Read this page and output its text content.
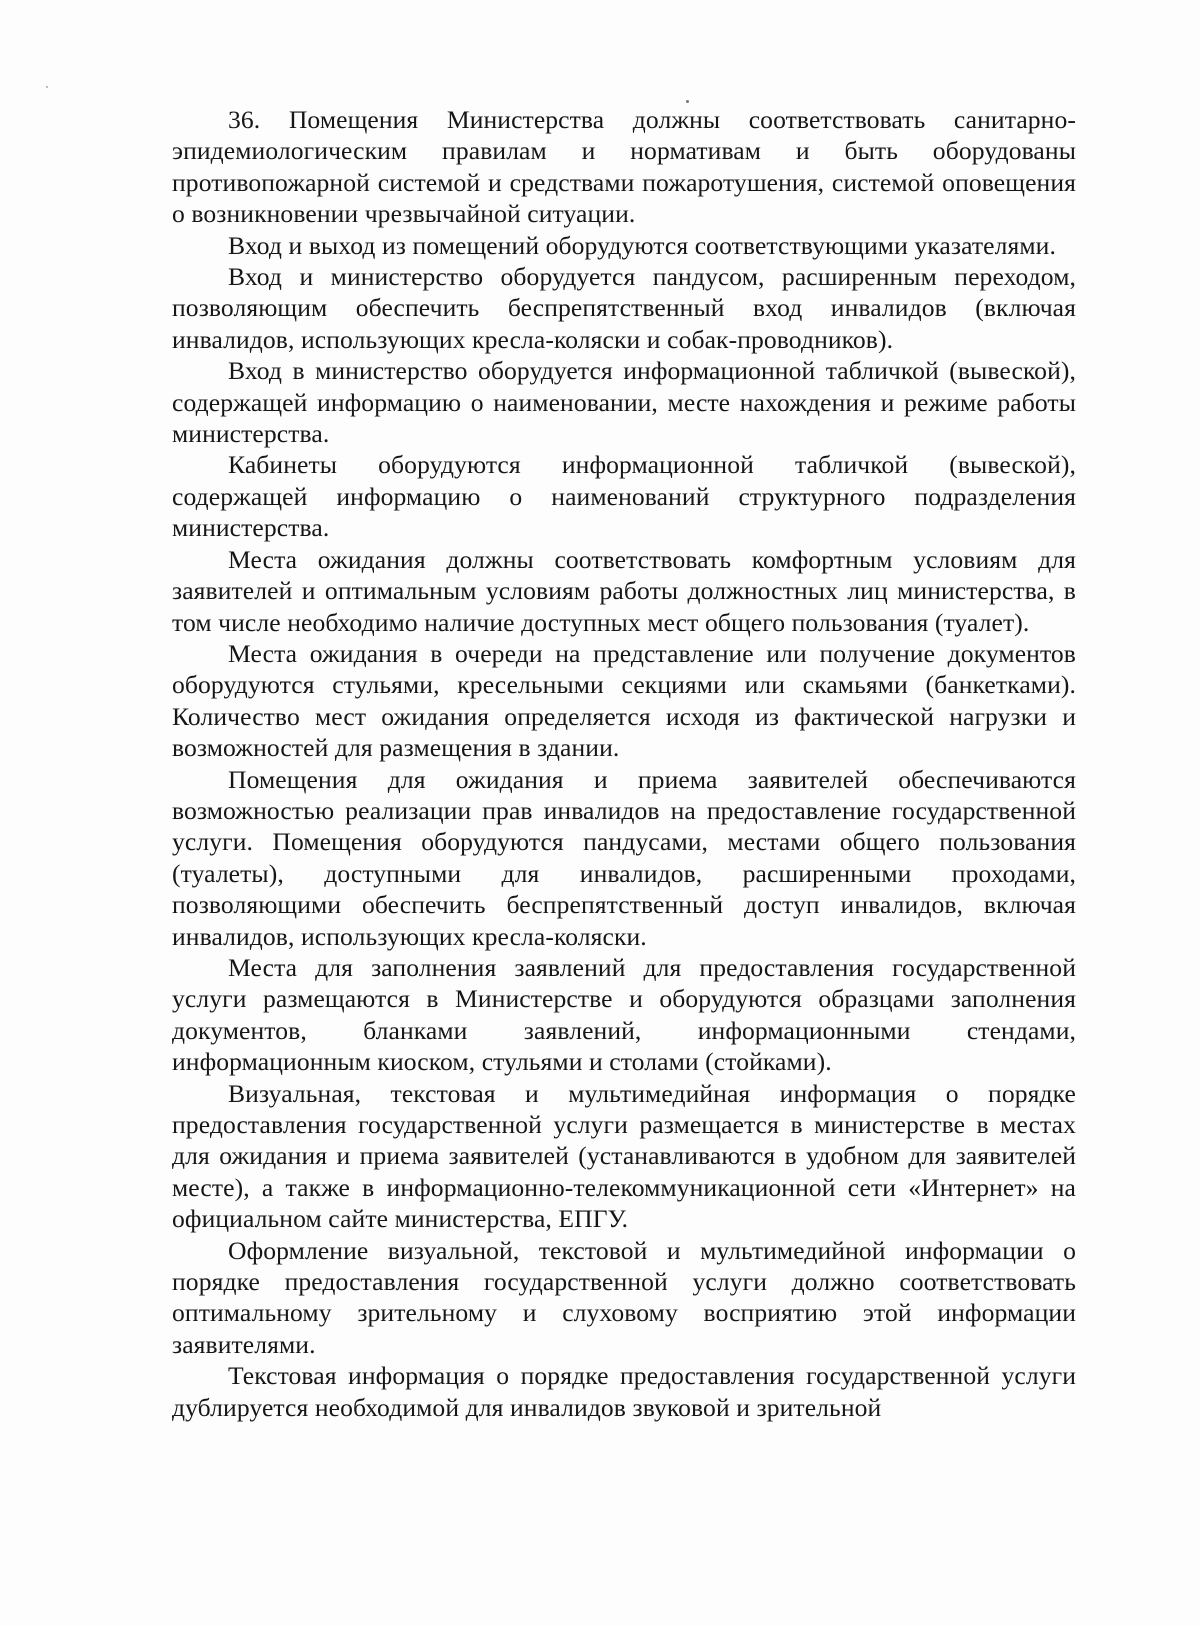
36. Помещения Министерства должны соответствовать санитарно-эпидемиологическим правилам и нормативам и быть оборудованы противопожарной системой и средствами пожаротушения, системой оповещения о возникновении чрезвычайной ситуации.

Вход и выход из помещений оборудуются соответствующими указателями.

Вход и министерство оборудуется пандусом, расширенным переходом, позволяющим обеспечить беспрепятственный вход инвалидов (включая инвалидов, использующих кресла-коляски и собак-проводников).

Вход в министерство оборудуется информационной табличкой (вывеской), содержащей информацию о наименовании, месте нахождения и режиме работы министерства.

Кабинеты оборудуются информационной табличкой (вывеской), содержащей информацию о наименований структурного подразделения министерства.

Места ожидания должны соответствовать комфортным условиям для заявителей и оптимальным условиям работы должностных лиц министерства, в том числе необходимо наличие доступных мест общего пользования (туалет).

Места ожидания в очереди на представление или получение документов оборудуются стульями, кресельными секциями или скамьями (банкетками). Количество мест ожидания определяется исходя из фактической нагрузки и возможностей для размещения в здании.

Помещения для ожидания и приема заявителей обеспечиваются возможностью реализации прав инвалидов на предоставление государственной услуги. Помещения оборудуются пандусами, местами общего пользования (туалеты), доступными для инвалидов, расширенными проходами, позволяющими обеспечить беспрепятственный доступ инвалидов, включая инвалидов, использующих кресла-коляски.

Места для заполнения заявлений для предоставления государственной услуги размещаются в Министерстве и оборудуются образцами заполнения документов, бланками заявлений, информационными стендами, информационным киоском, стульями и столами (стойками).

Визуальная, текстовая и мультимедийная информация о порядке предоставления государственной услуги размещается в министерстве в местах для ожидания и приема заявителей (устанавливаются в удобном для заявителей месте), а также в информационно-телекоммуникационной сети «Интернет» на официальном сайте министерства, ЕПГУ.

Оформление визуальной, текстовой и мультимедийной информации о порядке предоставления государственной услуги должно соответствовать оптимальному зрительному и слуховому восприятию этой информации заявителями.

Текстовая информация о порядке предоставления государственной услуги дублируется необходимой для инвалидов звуковой и зрительной
